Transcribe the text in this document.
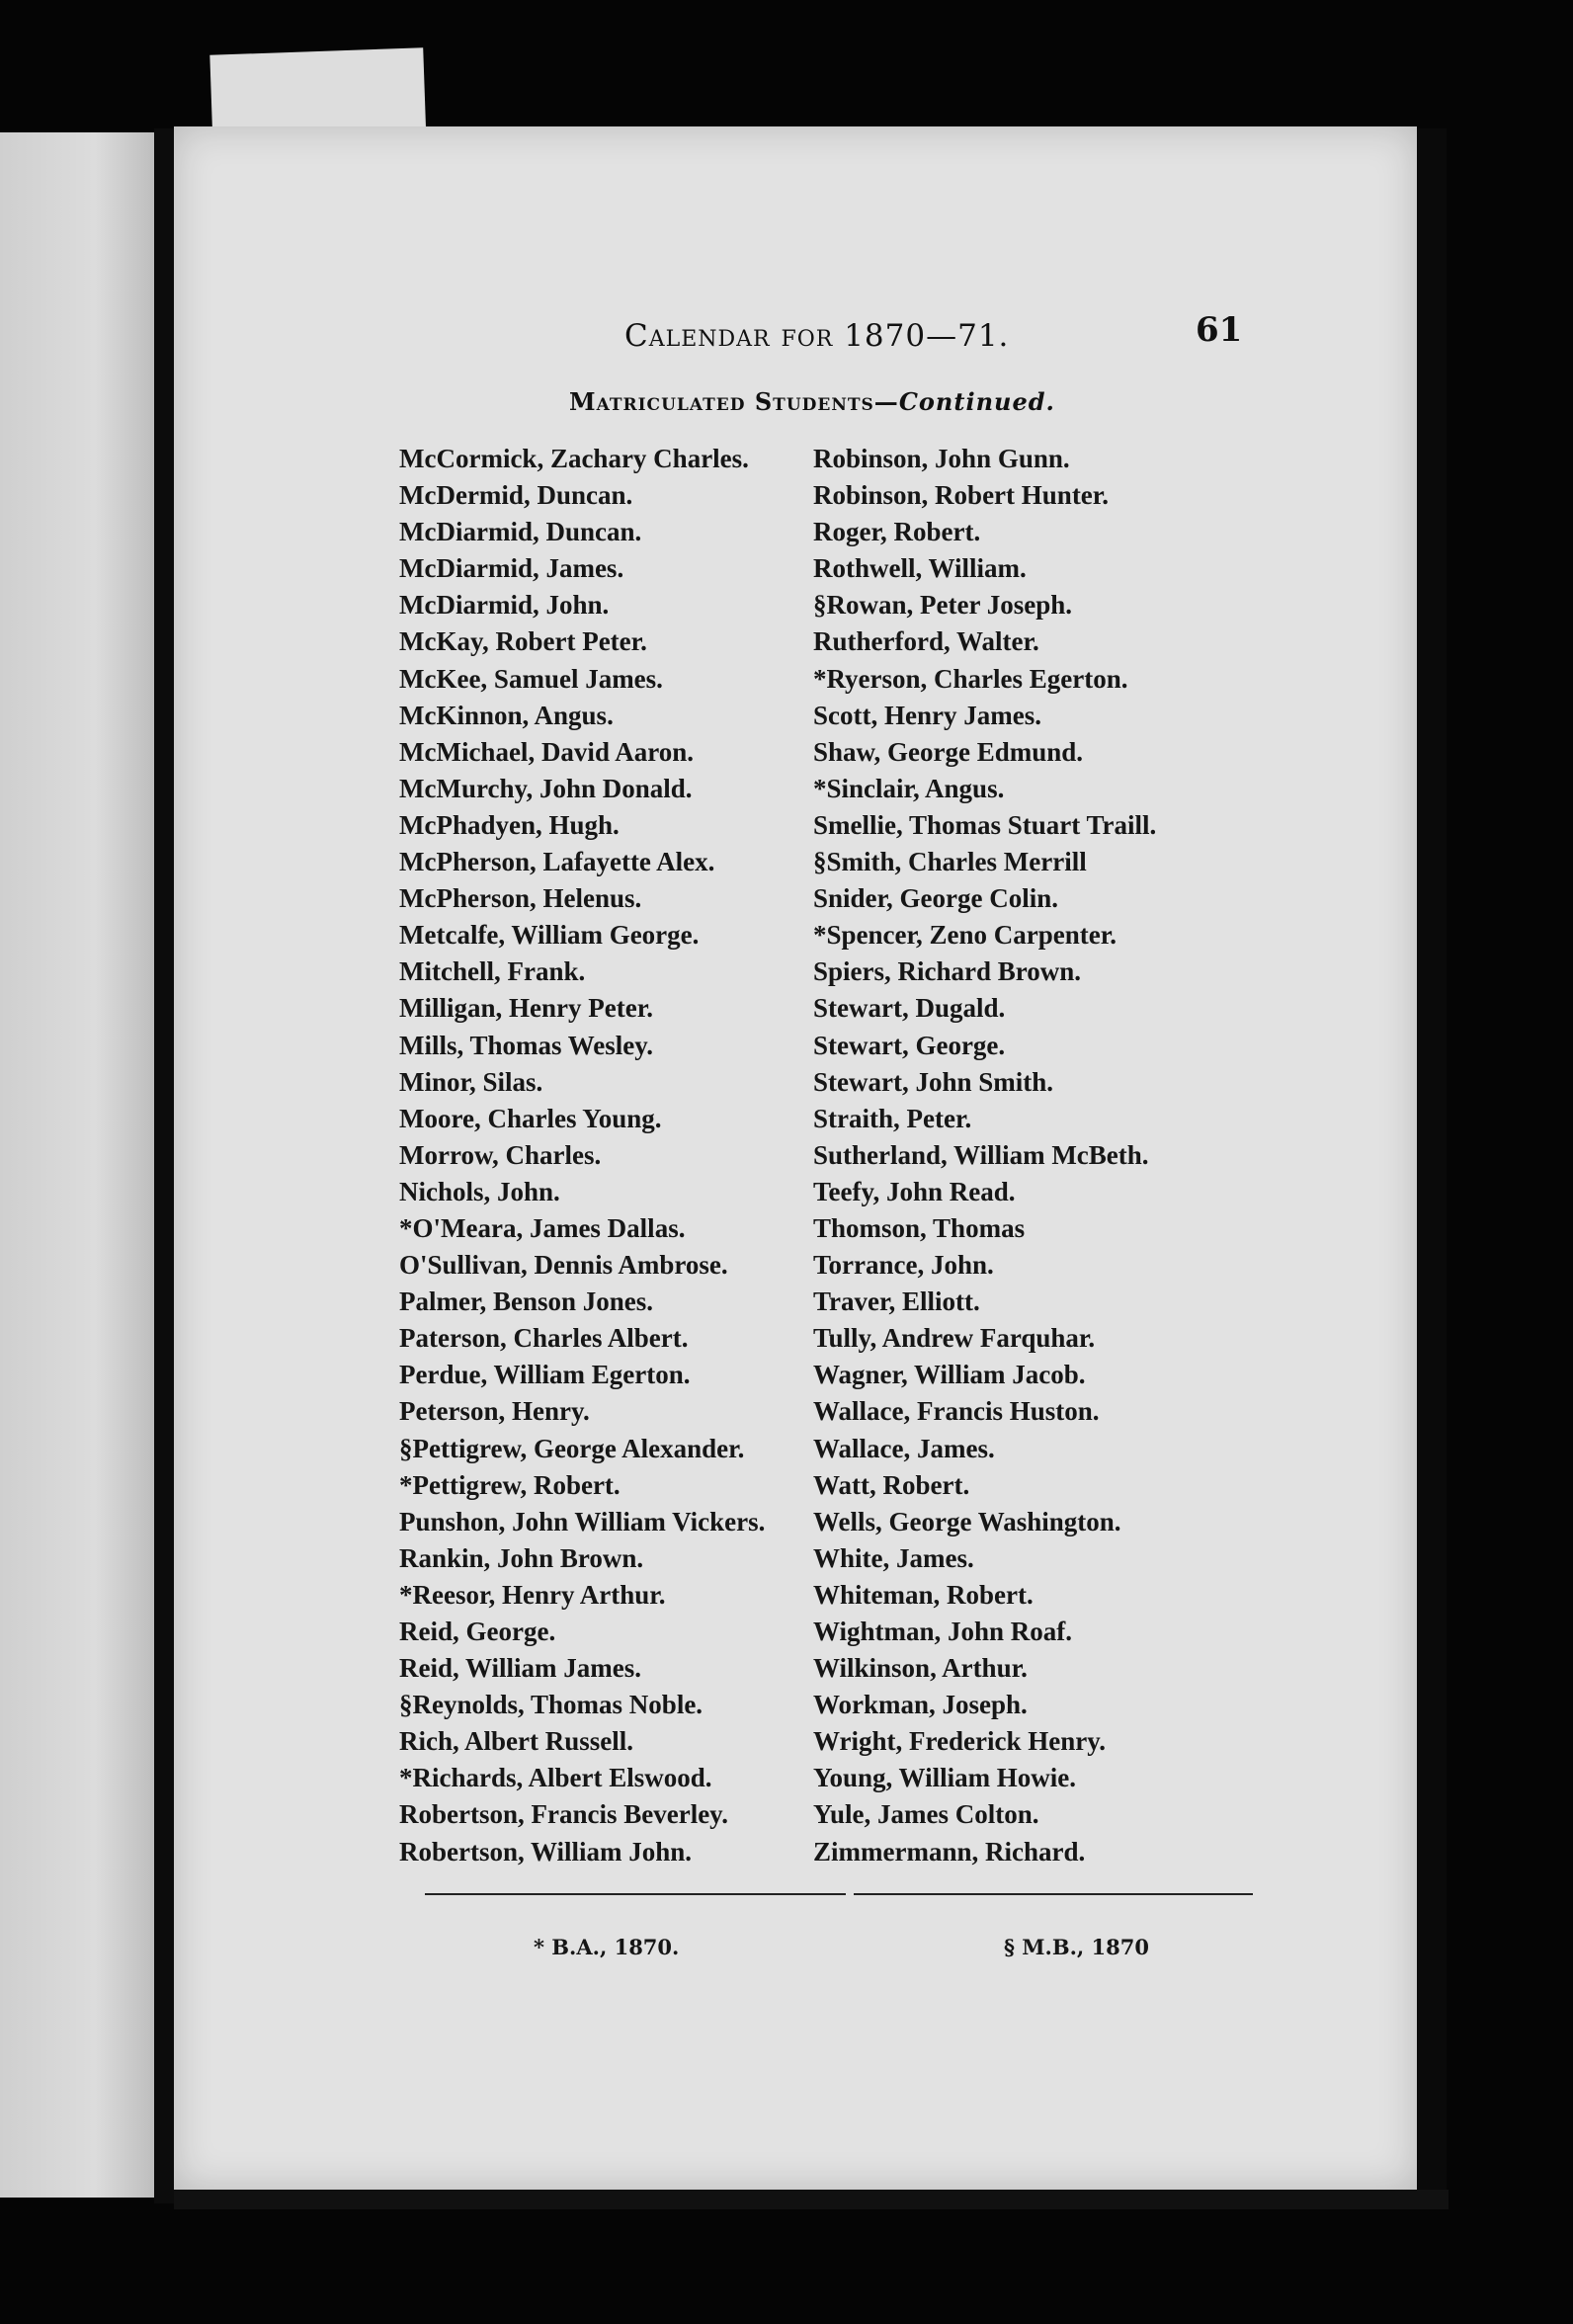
Calendar for 1870—71.	61
Matriculated Students—Continued.
McCormick, Zachary Charles.
McDermid, Duncan.
McDiarmid, Duncan.
McDiarmid, James.
McDiarmid, John.
McKay, Robert Peter.
McKee, Samuel James.
McKinnon, Angus.
McMichael, David Aaron.
McMurchy, John Donald.
McPhadyen, Hugh.
McPherson, Lafayette Alex.
McPherson, Helenus.
Metcalfe, William George.
Mitchell, Frank.
Milligan, Henry Peter.
Mills, Thomas Wesley.
Minor, Silas.
Moore, Charles Young.
Morrow, Charles.
Nichols, John.
*O'Meara, James Dallas.
O'Sullivan, Dennis Ambrose.
Palmer, Benson Jones.
Paterson, Charles Albert.
Perdue, William Egerton.
Peterson, Henry.
§Pettigrew, George Alexander.
*Pettigrew, Robert.
Punshon, John William Vickers.
Rankin, John Brown.
*Reesor, Henry Arthur.
Reid, George.
Reid, William James.
§Reynolds, Thomas Noble.
Rich, Albert Russell.
*Richards, Albert Elswood.
Robertson, Francis Beverley.
Robertson, William John.
Robinson, John Gunn.
Robinson, Robert Hunter.
Roger, Robert.
Rothwell, William.
§Rowan, Peter Joseph.
Rutherford, Walter.
*Ryerson, Charles Egerton.
Scott, Henry James.
Shaw, George Edmund.
*Sinclair, Angus.
Smellie, Thomas Stuart Traill.
§Smith, Charles Merrill
Snider, George Colin.
*Spencer, Zeno Carpenter.
Spiers, Richard Brown.
Stewart, Dugald.
Stewart, George.
Stewart, John Smith.
Straith, Peter.
Sutherland, William McBeth.
Teefy, John Read.
Thomson, Thomas
Torrance, John.
Traver, Elliott.
Tully, Andrew Farquhar.
Wagner, William Jacob.
Wallace, Francis Huston.
Wallace, James.
Watt, Robert.
Wells, George Washington.
White, James.
Whiteman, Robert.
Wightman, John Roaf.
Wilkinson, Arthur.
Workman, Joseph.
Wright, Frederick Henry.
Young, William Howie.
Yule, James Colton.
Zimmermann, Richard.
* B.A., 1870.	§ M.B., 1870
